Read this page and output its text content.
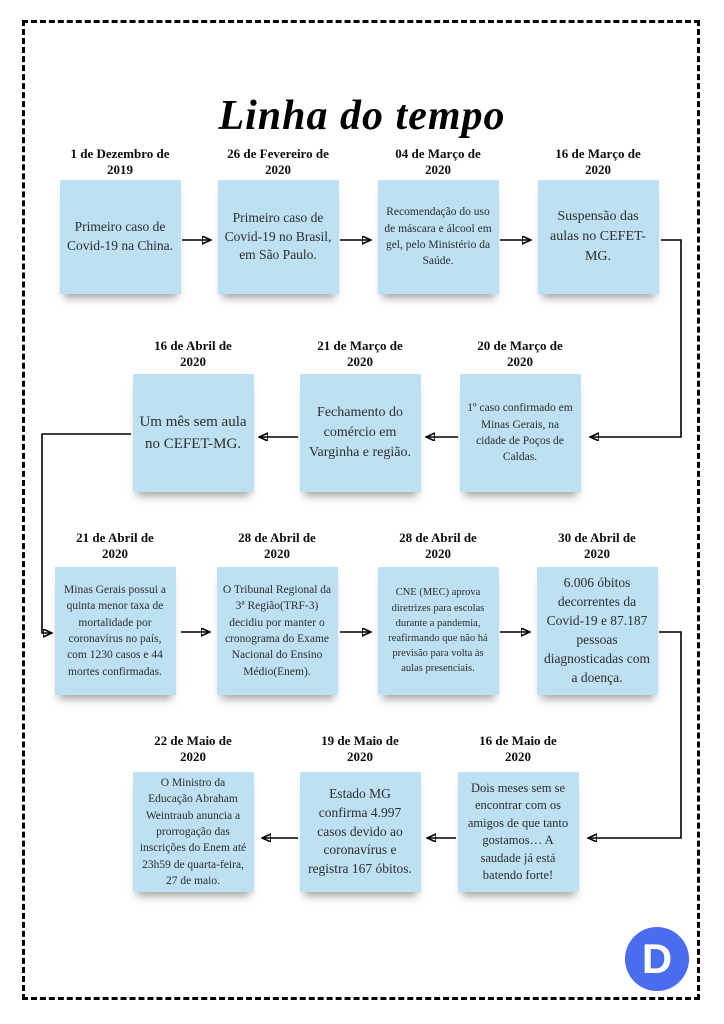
Linha do tempo
1 de Dezembro de
2019
Primeiro caso de Covid-19 na China.
26 de Fevereiro de
2020
Primeiro caso de Covid-19 no Brasil, em São Paulo.
04 de Março de
2020
Recomendação do uso de máscara e álcool em gel, pelo Ministério da Saúde.
16 de Março de
2020
Suspensão das aulas no CEFET-MG.
20 de Março de
2020
1º caso confirmado em Minas Gerais, na cidade de Poços de Caldas.
21 de Março de
2020
Fechamento do comércio em Varginha e região.
16 de Abril de
2020
Um mês sem aula no CEFET-MG.
21 de Abril de
2020
Minas Gerais possui a quinta menor taxa de mortalidade por coronavírus no país, com 1230 casos e 44 mortes confirmadas.
28 de Abril de
2020
O Tribunal Regional da 3ª Região(TRF-3) decidiu por manter o cronograma do Exame Nacional do Ensino Médio(Enem).
28 de Abril de
2020
CNE (MEC) aprova diretrizes para escolas durante a pandemia, reafirmando que não há previsão para volta às aulas presenciais.
30 de Abril de
2020
6.006 óbitos decorrentes da Covid-19 e 87.187 pessoas diagnosticadas com a doença.
16 de Maio de
2020
Dois meses sem se encontrar com os amigos de que tanto gostamos… A saudade já está batendo forte!
19 de Maio de
2020
Estado MG confirma 4.997 casos devido ao coronavírus e registra 167 óbitos.
22 de Maio de
2020
O Ministro da Educação Abraham Weintraub anuncia a prorrogação das inscrições do Enem até 23h59 de quarta-feira, 27 de maio.
D
